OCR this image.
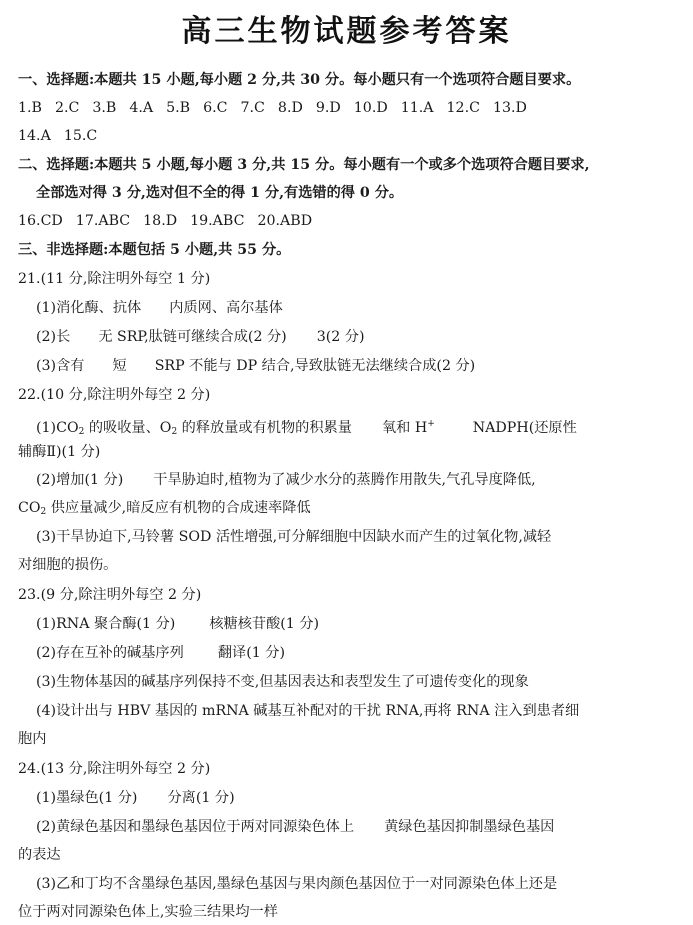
高三生物试题参考答案
一、选择题:本题共 15 小题,每小题 2 分,共 30 分。每小题只有一个选项符合题目要求。
1.B 2.C 3.B 4.A 5.B 6.C 7.C 8.D 9.D 10.D 11.A 12.C 13.D
14.A 15.C
二、选择题:本题共 5 小题,每小题 3 分,共 15 分。每小题有一个或多个选项符合题目要求,
全部选对得 3 分,选对但不全的得 1 分,有选错的得 0 分。
16.CD 17.ABC 18.D 19.ABC 20.ABD
三、非选择题:本题包括 5 小题,共 55 分。
21.(11 分,除注明外每空 1 分)
(1)消化酶、抗体 内质网、高尔基体
(2)长 无 SRP,肽链可继续合成(2 分) 3(2 分)
(3)含有 短 SRP 不能与 DP 结合,导致肽链无法继续合成(2 分)
22.(10 分,除注明外每空 2 分)
$(1)CO_2$ 的吸收量、$O_2$ 的释放量或有机物的积累量 氧和 H+	NADPH(还原性
辅酶Ⅱ)(1 分)
(2)增加(1 分) 干旱胁迫时,植物为了减少水分的蒸腾作用散失,气孔导度降低,
$CO_2$ 供应量减少,暗反应有机物的合成速率降低
(3)干旱协迫下,马铃薯 SOD 活性增强,可分解细胞中因缺水而产生的过氧化物,减轻
对细胞的损伤。
23.(9 分,除注明外每空 2 分)
(1)RNA 聚合酶(1 分) 核糖核苷酸(1 分)
(2)存在互补的碱基序列 翻译(1 分)
(3)生物体基因的碱基序列保持不变,但基因表达和表型发生了可遗传变化的现象
(4)设计出与 HBV 基因的 mRNA 碱基互补配对的干扰 RNA,再将 RNA 注入到患者细
胞内
24.(13 分,除注明外每空 2 分)
(1)墨绿色(1 分) 分离(1 分)
(2)黄绿色基因和墨绿色基因位于两对同源染色体上 黄绿色基因抑制墨绿色基因
的表达
(3)乙和丁均不含墨绿色基因,墨绿色基因与果肉颜色基因位于一对同源染色体上还是
位于两对同源染色体上,实验三结果均一样
